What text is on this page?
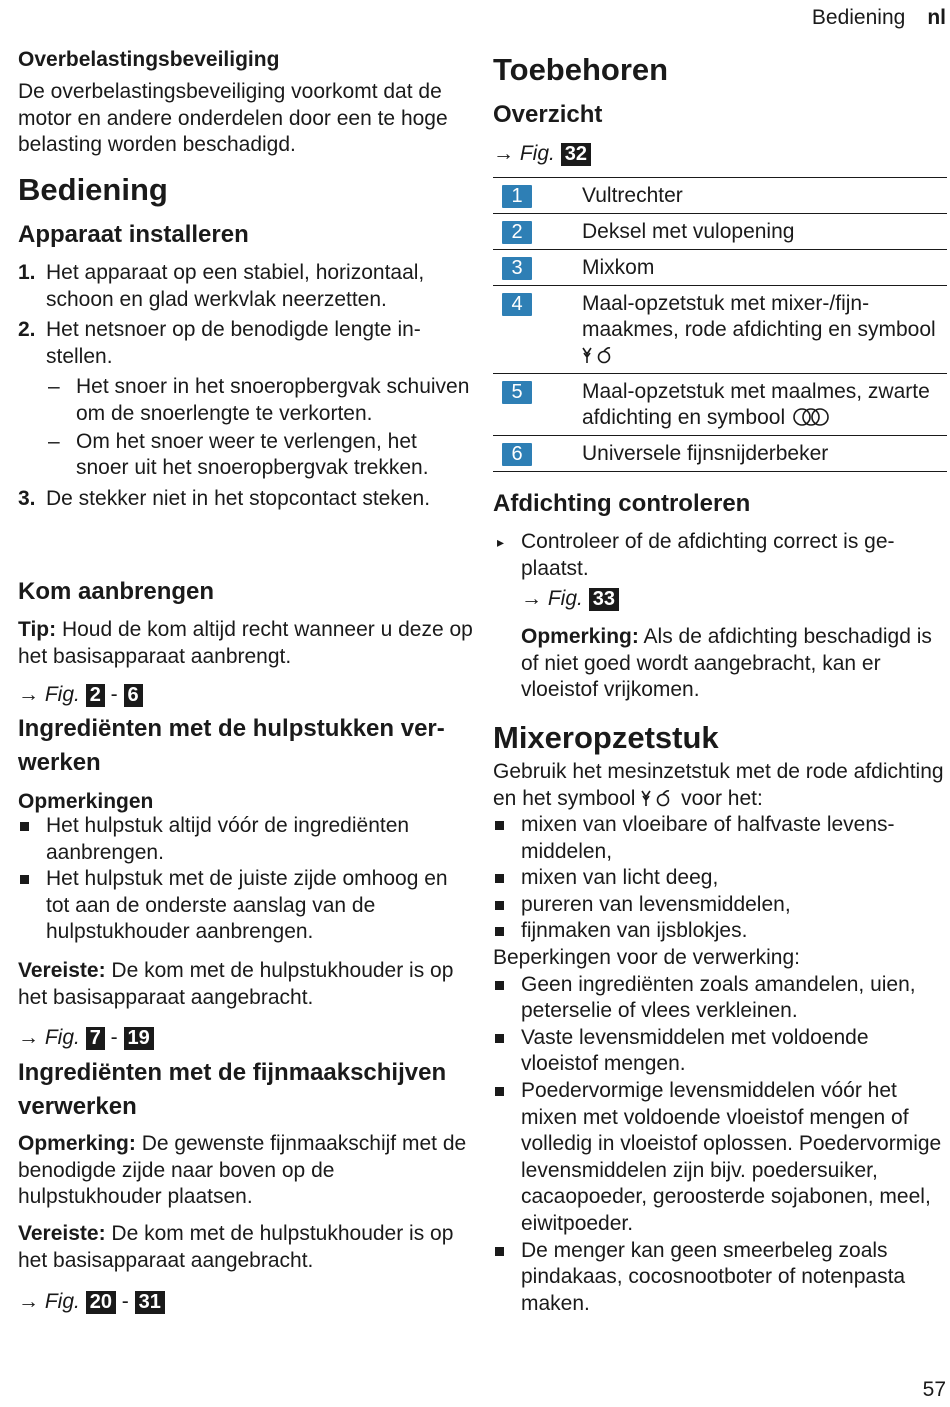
Bediening nl
Overbelastingsbeveiliging

De overbelastingsbeveiliging voorkomt dat de motor en andere onderdelen door een te hoge belasting worden beschadigd.

Bediening
Apparaat installeren
1. Het apparaat op een stabiel, horizontaal, schoon en glad werkvlak neerzetten.
2. Het netsnoer op de benodigde lengte instellen.
– Het snoer in het snoeropbergvak schuiven om de snoerlengte te verkorten.
– Om het snoer weer te verlengen, het snoer uit het snoeropbergvak trekken.
3. De stekker niet in het stopcontact steken.
Kom aanbrengen

Tip: Houd de kom altijd recht wanneer u deze op het basisapparaat aanbrengt.

→ Fig. 2 - 6

Ingrediënten met de hulpstukken verwerken
Opmerkingen
Het hulpstuk altijd vóór de ingrediënten aanbrengen.
Het hulpstuk met de juiste zijde omhoog en tot aan de onderste aanslag van de hulpstukhouder aanbrengen.

Vereiste: De kom met de hulpstukhouder is op het basisapparaat aangebracht.

→ Fig. 7 - 19

Ingrediënten met de fijnmaakschijven verwerken

Opmerking: De gewenste fijnmaakschijf met de benodigde zijde naar boven op de hulpstukhouder plaatsen.

Vereiste: De kom met de hulpstukhouder is op het basisapparaat aangebracht.

→ Fig. 20 - 31

Toebehoren
Overzicht

→ Fig. 32

1	Vultrechter
2	Deksel met vulopening
3	Mixkom
4	Maal-opzetstuk met mixer-/fijnmaakmes, rode afdichting en symbool
5	Maal-opzetstuk met maalmes, zwarte afdichting en symbool
6	Universele fijnsnijderbeker
Afdichting controleren
▸ Controleer of de afdichting correct is geplaatst.

→ Fig. 33

Opmerking: Als de afdichting beschadigd is of niet goed wordt aangebracht, kan er vloeistof vrijkomen.

Mixeropzetstuk

Gebruik het mesinzetstuk met de rode afdichting en het symbool voor het:

mixen van vloeibare of halfvaste levensmiddelen,
mixen van licht deeg,
pureren van levensmiddelen,
fijnmaken van ijsblokjes.

Beperkingen voor de verwerking:

Geen ingrediënten zoals amandelen, uien, peterselie of vlees verkleinen.
Vaste levensmiddelen met voldoende vloeistof mengen.
Poedervormige levensmiddelen vóór het mixen met voldoende vloeistof mengen of volledig in vloeistof oplossen. Poedervormige levensmiddelen zijn bijv. poedersuiker, cacaopoeder, geroosterde sojabonen, meel, eiwitpoeder.
De menger kan geen smeerbeleg zoals pindakaas, cocosnootboter of notenpasta maken.
57
